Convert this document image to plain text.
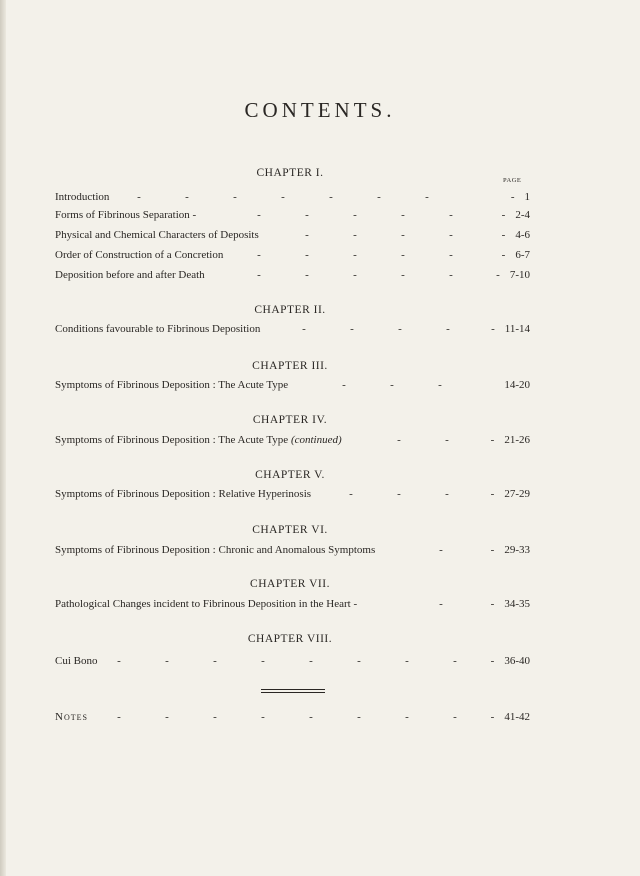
CONTENTS.
CHAPTER I.
PAGE
Introduction	-	-	-	-	-	-	-	- 1
Forms of Fibrinous Separation -	-	-	-	-	-	- 2-4
Physical and Chemical Characters of Deposits	-	-	-	-	- 4-6
Order of Construction of a Concretion	-	-	-	-	-	- 6-7
Deposition before and after Death	-	-	-	-	-	- 7-10
CHAPTER II.
Conditions favourable to Fibrinous Deposition	-	-	-	-	- 11-14
CHAPTER III.
Symptoms of Fibrinous Deposition : The Acute Type	-	-	-	14-20
CHAPTER IV.
Symptoms of Fibrinous Deposition : The Acute Type (continued)	-	-	- 21-26
CHAPTER V.
Symptoms of Fibrinous Deposition : Relative Hyperinosis	-	-	-	- 27-29
CHAPTER VI.
Symptoms of Fibrinous Deposition : Chronic and Anomalous Symptoms	-	- 29-33
CHAPTER VII.
Pathological Changes incident to Fibrinous Deposition in the Heart -	-	- 34-35
CHAPTER VIII.
Cui Bono	-	-	-	-	-	-	-	-	- 36-40
Notes	-	-	-	-	-	-	-	-	- 41-42
